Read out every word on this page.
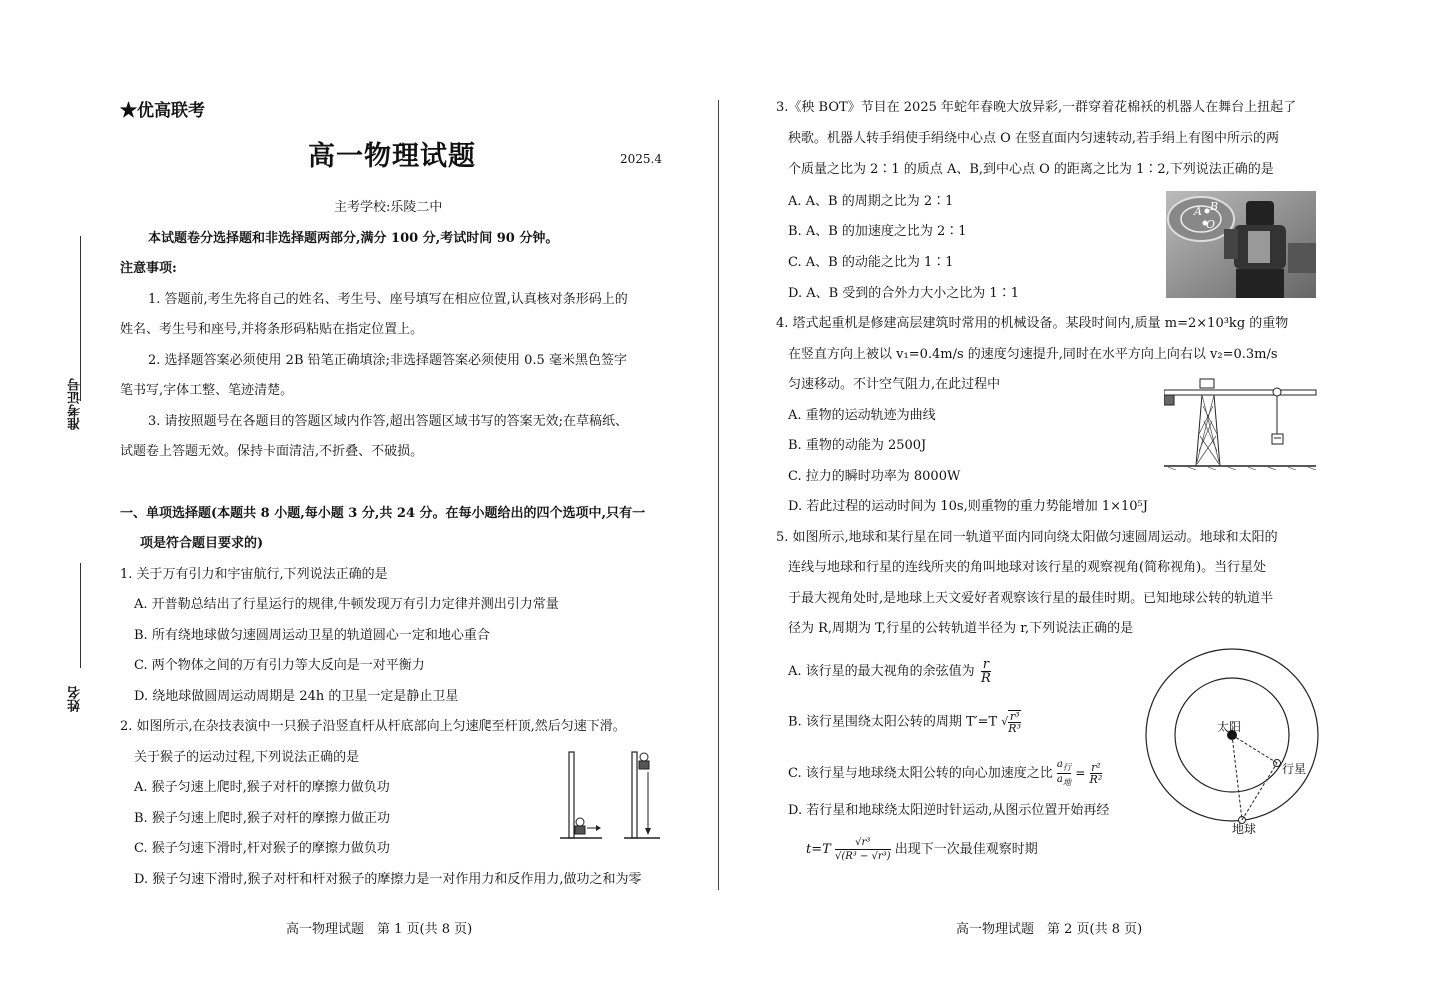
★优高联考
高一物理试题	2025.4
主考学校:乐陵二中
本试题卷分选择题和非选择题两部分,满分 100 分,考试时间 90 分钟。
注意事项:
1. 答题前,考生先将自己的姓名、考生号、座号填写在相应位置,认真核对条形码上的
姓名、考生号和座号,并将条形码粘贴在指定位置上。
2. 选择题答案必须使用 2B 铅笔正确填涂;非选择题答案必须使用 0.5 毫米黑色签字
笔书写,字体工整、笔迹清楚。
3. 请按照题号在各题目的答题区域内作答,超出答题区域书写的答案无效;在草稿纸、
试题卷上答题无效。保持卡面清洁,不折叠、不破损。
一、单项选择题(本题共 8 小题,每小题 3 分,共 24 分。在每小题给出的四个选项中,只有一
项是符合题目要求的)
1. 关于万有引力和宇宙航行,下列说法正确的是
A. 开普勒总结出了行星运行的规律,牛顿发现万有引力定律并测出引力常量
B. 所有绕地球做匀速圆周运动卫星的轨道圆心一定和地心重合
C. 两个物体之间的万有引力等大反向是一对平衡力
D. 绕地球做圆周运动周期是 24h 的卫星一定是静止卫星
2. 如图所示,在杂技表演中一只猴子沿竖直杆从杆底部向上匀速爬至杆顶,然后匀速下滑。
关于猴子的运动过程,下列说法正确的是
A. 猴子匀速上爬时,猴子对杆的摩擦力做负功
B. 猴子匀速上爬时,猴子对杆的摩擦力做正功
C. 猴子匀速下滑时,杆对猴子的摩擦力做负功
D. 猴子匀速下滑时,猴子对杆和杆对猴子的摩擦力是一对作用力和反作用力,做功之和为零
准考证号
姓名
高一物理试题　第 1 页(共 8 页)
3.《秧 BOT》节目在 2025 年蛇年春晚大放异彩,一群穿着花棉袄的机器人在舞台上扭起了
秧歌。机器人转手绢使手绢绕中心点 O 在竖直面内匀速转动,若手绢上有图中所示的两
个质量之比为 2∶1 的质点 A、B,到中心点 O 的距离之比为 1∶2,下列说法正确的是
A. A、B 的周期之比为 2∶1
B. A、B 的加速度之比为 2∶1
C. A、B 的动能之比为 1∶1
D. A、B 受到的合外力大小之比为 1∶1
A B
O
4. 塔式起重机是修建高层建筑时常用的机械设备。某段时间内,质量 m=2×10³kg 的重物
在竖直方向上被以 v₁=0.4m/s 的速度匀速提升,同时在水平方向上向右以 v₂=0.3m/s
匀速移动。不计空气阻力,在此过程中
A. 重物的运动轨迹为曲线
B. 重物的动能为 2500J
C. 拉力的瞬时功率为 8000W
D. 若此过程的运动时间为 10s,则重物的重力势能增加 1×10⁵J
5. 如图所示,地球和某行星在同一轨道平面内同向绕太阳做匀速圆周运动。地球和太阳的
连线与地球和行星的连线所夹的角叫地球对该行星的观察视角(简称视角)。当行星处
于最大视角处时,是地球上天文爱好者观察该行星的最佳时期。已知地球公转的轨道半
径为 R,周期为 T,行星的公转轨道半径为 r,下列说法正确的是
A. 该行星的最大视角的余弦值为 $\frac{r}{R}$
B. 该行星围绕太阳公转的周期 T′=T √ $\frac{\text{r³}}{\text{R³}}$
C. 该行星与地球绕太阳公转的向心加速度之比
$a_行$
$a_地$
= $\frac{\text{r²}}{\text{R²}}$
D. 若行星和地球绕太阳逆时针运动,从图示位置开始再经
$t=T \frac{\text{√r³}}{\text{√(R³ − √r³)}}$ 出现下一次最佳观察时期
太阳
行星
地球
高一物理试题　第 2 页(共 8 页)
